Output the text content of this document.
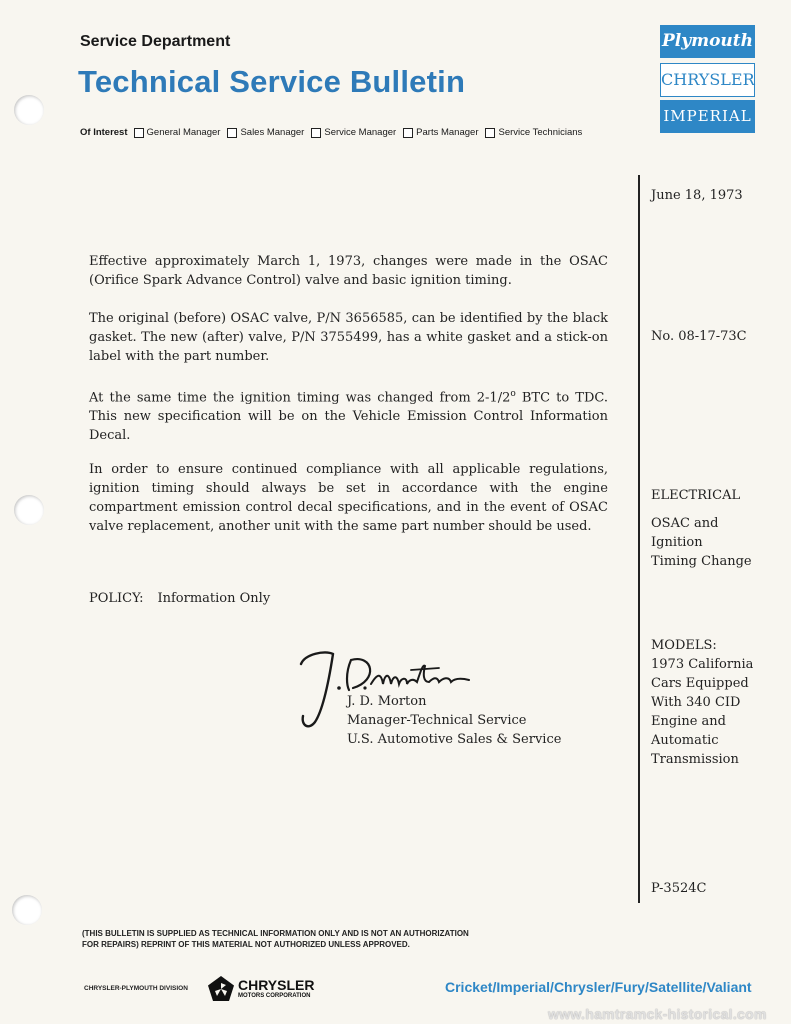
Service Department
Technical Service Bulletin
Of Interest General Manager Sales Manager Service Manager Parts Manager Service Technicians
Plymouth
CHRYSLER
IMPERIAL
June 18, 1973
No. 08-17-73C
ELECTRICAL
OSAC and
Ignition
Timing Change
MODELS:
1973 California
Cars Equipped
With 340 CID
Engine and
Automatic
Transmission
P-3524C
Effective approximately March 1, 1973, changes were made in the OSAC (Orifice Spark Advance Control) valve and basic ignition timing.
The original (before) OSAC valve, P/N 3656585, can be identified by the black gasket. The new (after) valve, P/N 3755499, has a white gasket and a stick-on label with the part number.
At the same time the ignition timing was changed from 2-1/2$^o$ BTC to TDC. This new specification will be on the Vehicle Emission Control Information Decal.
In order to ensure continued compliance with all applicable regulations, ignition timing should always be set in accordance with the engine compartment emission control decal specifications, and in the event of OSAC valve replacement, another unit with the same part number should be used.
POLICY: Information Only
J. D. Morton
Manager-Technical Service
U.S. Automotive Sales & Service
(THIS BULLETIN IS SUPPLIED AS TECHNICAL INFORMATION ONLY AND IS NOT AN AUTHORIZATION
FOR REPAIRS) REPRINT OF THIS MATERIAL NOT AUTHORIZED UNLESS APPROVED.
CHRYSLER-PLYMOUTH DIVISION	CHRYSLER
MOTORS CORPORATION
Cricket/Imperial/Chrysler/Fury/Satellite/Valiant
www.hamtramck-historical.com
